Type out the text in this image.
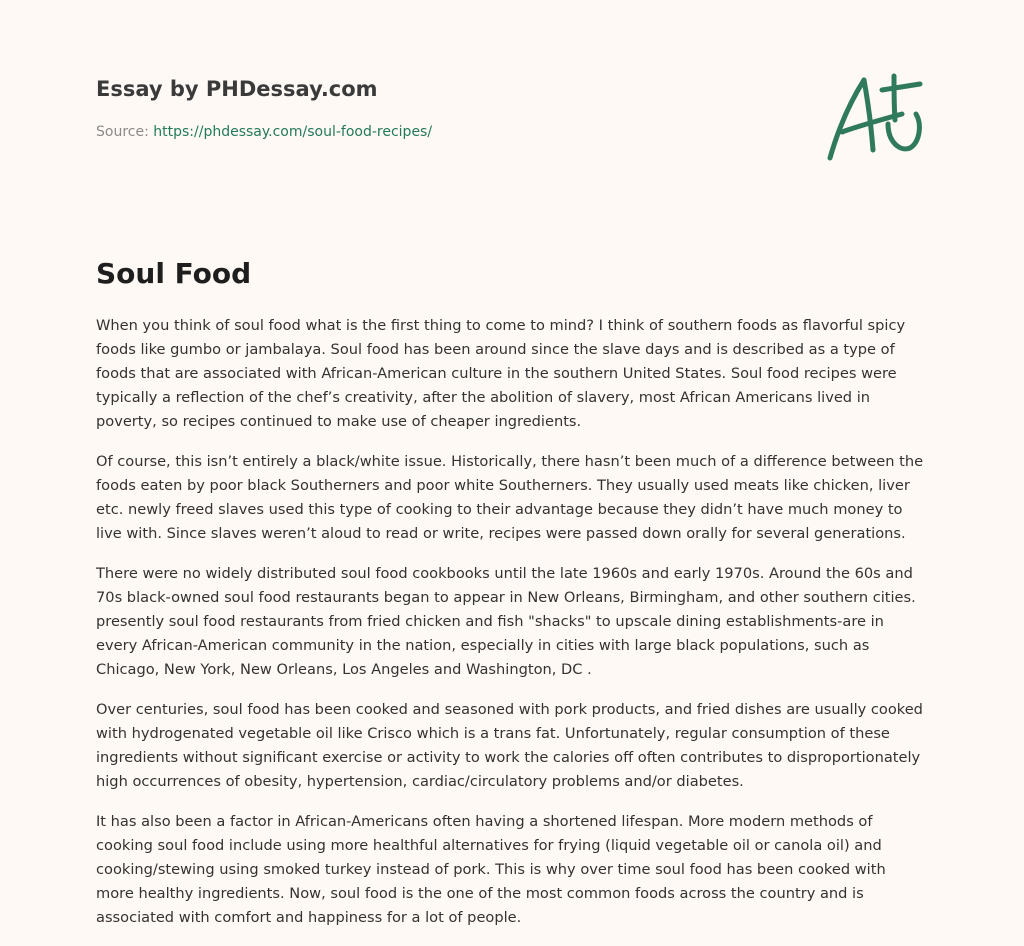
Essay by PHDessay.com
Source: https://phdessay.com/soul-food-recipes/
Soul Food

When you think of soul food what is the first thing to come to mind? I think of southern foods as flavorful spicy foods like gumbo or jambalaya. Soul food has been around since the slave days and is described as a type of foods that are associated with African-American culture in the southern United States. Soul food recipes were typically a reflection of the chef’s creativity, after the abolition of slavery, most African Americans lived in poverty, so recipes continued to make use of cheaper ingredients.

Of course, this isn’t entirely a black/white issue. Historically, there hasn’t been much of a difference between the foods eaten by poor black Southerners and poor white Southerners. They usually used meats like chicken, liver etc. newly freed slaves used this type of cooking to their advantage because they didn’t have much money to live with. Since slaves weren’t aloud to read or write, recipes were passed down orally for several generations.

There were no widely distributed soul food cookbooks until the late 1960s and early 1970s. Around the 60s and 70s black-owned soul food restaurants began to appear in New Orleans, Birmingham, and other southern cities. presently soul food restaurants from fried chicken and fish "shacks" to upscale dining establishments-are in every African-American community in the nation, especially in cities with large black populations, such as Chicago, New York, New Orleans, Los Angeles and Washington, DC .

Over centuries, soul food has been cooked and seasoned with pork products, and fried dishes are usually cooked with hydrogenated vegetable oil like Crisco which is a trans fat. Unfortunately, regular consumption of these ingredients without significant exercise or activity to work the calories off often contributes to disproportionately high occurrences of obesity, hypertension, cardiac/circulatory problems and/or diabetes.

It has also been a factor in African-Americans often having a shortened lifespan. More modern methods of cooking soul food include using more healthful alternatives for frying (liquid vegetable oil or canola oil) and cooking/stewing using smoked turkey instead of pork. This is why over time soul food has been cooked with more healthy ingredients. Now, soul food is the one of the most common foods across the country and is associated with comfort and happiness for a lot of people.
